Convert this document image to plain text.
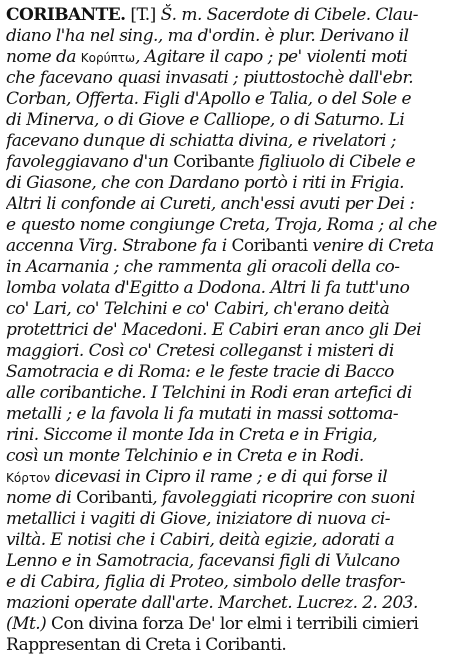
CORIBANTE. [T.] S̊. m. Sacerdote di Cibele. Clau-
diano l'ha nel sing., ma d'ordin. è plur. Derivano il
nome da Κορύπτω, Agitare il capo ; pe' violenti moti
che facevano quasi invasati ; piuttostochè dall'ebr.
Corban, Offerta. Figli d'Apollo e Talia, o del Sole e
di Minerva, o di Giove e Calliope, o di Saturno. Li
facevano dunque di schiatta divina, e rivelatori ;
favoleggiavano d'un Coribante figliuolo di Cibele e
di Giasone, che con Dardano portò i riti in Frigia.
Altri li confonde ai Cureti, anch'essi avuti per Dei :
e questo nome congiunge Creta, Troja, Roma ; al che
accenna Virg. Strabone fa i Coribanti venire di Creta
in Acarnania ; che rammenta gli oracoli della co-
lomba volata d'Egitto a Dodona. Altri li fa tutt'uno
co' Lari, co' Telchini e co' Cabiri, ch'erano deità
protettrici de' Macedoni. E Cabiri eran anco gli Dei
maggiori. Così co' Cretesi colleganst i misteri di
Samotracia e di Roma: e le feste tracie di Bacco
alle coribantiche. I Telchini in Rodi eran artefici di
metalli ; e la favola li fa mutati in massi sottoma-
rini. Siccome il monte Ida in Creta e in Frigia,
così un monte Telchinio e in Creta e in Rodi.
Κόρτον dicevasi in Cipro il rame ; e di qui forse il
nome di Coribanti, favoleggiati ricoprire con suoni
metallici i vagiti di Giove, iniziatore di nuova ci-
viltà. E notisi che i Cabiri, deità egizie, adorati a
Lenno e in Samotracia, facevansi figli di Vulcano
e di Cabira, figlia di Proteo, simbolo delle trasfor-
mazioni operate dall'arte. Marchet. Lucrez. 2. 203.
(Mt.) Con divina forza De' lor elmi i terribili cimieri
Rappresentan di Creta i Coribanti.
